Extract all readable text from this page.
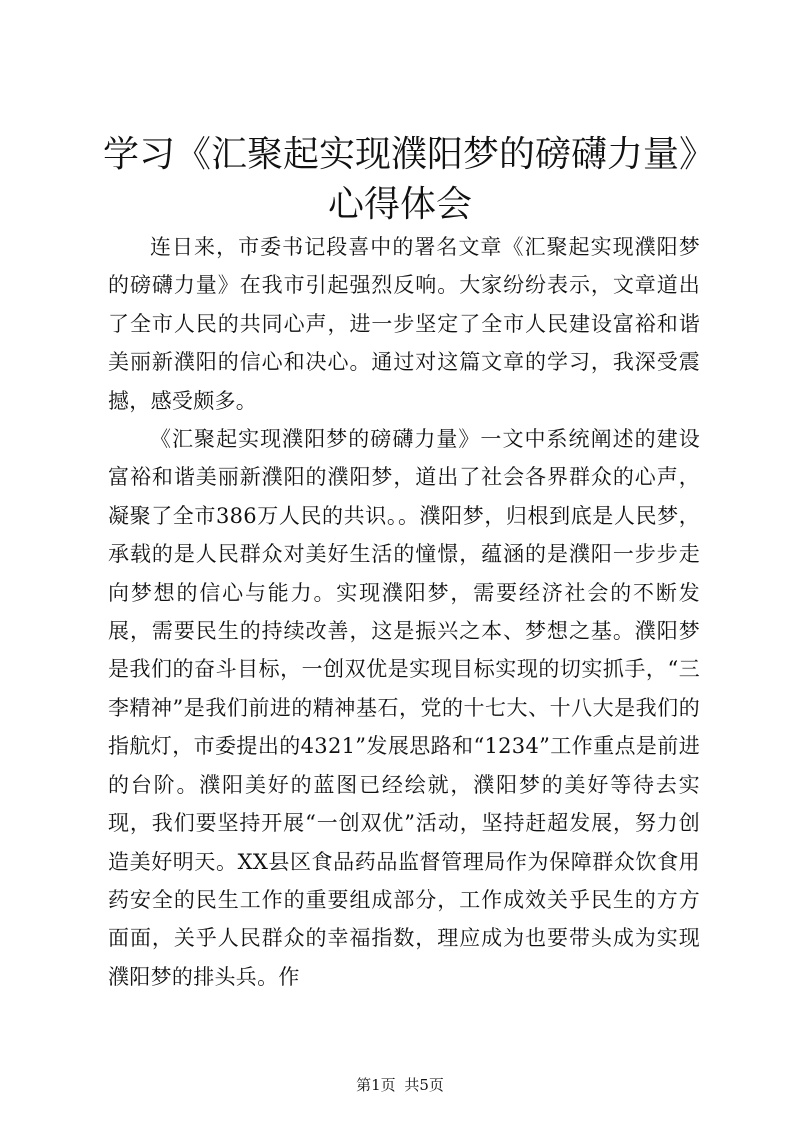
学习《汇聚起实现濮阳梦的磅礴力量》心得体会

连日来，市委书记段喜中的署名文章《汇聚起实现濮阳梦的磅礴力量》在我市引起强烈反响。大家纷纷表示，文章道出了全市人民的共同心声，进一步坚定了全市人民建设富裕和谐美丽新濮阳的信心和决心。通过对这篇文章的学习，我深受震撼，感受颇多。

《汇聚起实现濮阳梦的磅礴力量》一文中系统阐述的建设富裕和谐美丽新濮阳的濮阳梦，道出了社会各界群众的心声，凝聚了全市386万人民的共识。。濮阳梦，归根到底是人民梦，承载的是人民群众对美好生活的憧憬，蕴涵的是濮阳一步步走向梦想的信心与能力。实现濮阳梦，需要经济社会的不断发展，需要民生的持续改善，这是振兴之本、梦想之基。濮阳梦是我们的奋斗目标，一创双优是实现目标实现的切实抓手，“三李精神”是我们前进的精神基石，党的十七大、十八大是我们的指航灯，市委提出的4321”发展思路和“1234”工作重点是前进的台阶。濮阳美好的蓝图已经绘就，濮阳梦的美好等待去实现，我们要坚持开展“一创双优”活动，坚持赶超发展，努力创造美好明天。XX县区食品药品监督管理局作为保障群众饮食用药安全的民生工作的重要组成部分，工作成效关乎民生的方方面面，关乎人民群众的幸福指数，理应成为也要带头成为实现濮阳梦的排头兵。作

第1页 共5页
